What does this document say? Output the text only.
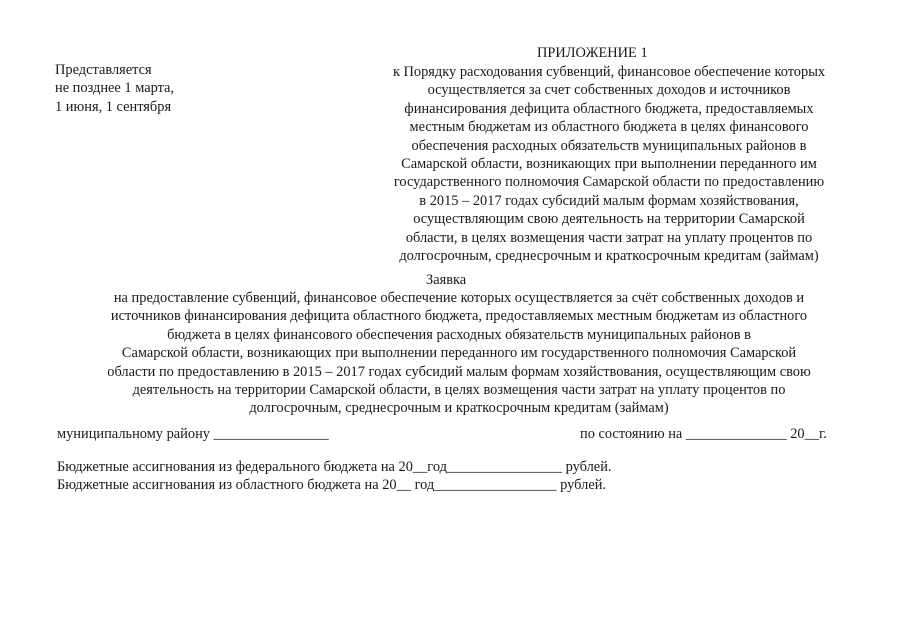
Представляется
не позднее 1 марта,
1 июня, 1 сентября
ПРИЛОЖЕНИЕ 1
к Порядку расходования субвенций, финансовое обеспечение которых
осуществляется за счет собственных доходов и источников
финансирования дефицита областного бюджета, предоставляемых
местным бюджетам из областного бюджета в целях финансового
обеспечения расходных обязательств муниципальных районов в
Самарской области, возникающих при выполнении переданного им
государственного полномочия Самарской области по предоставлению
в 2015 – 2017 годах субсидий малым формам хозяйствования,
осуществляющим свою деятельность на территории Самарской
области, в целях возмещения части затрат на уплату процентов по
долгосрочным, среднесрочным и краткосрочным кредитам (займам)
Заявка
на предоставление субвенций, финансовое обеспечение которых осуществляется за счёт собственных доходов и
источников финансирования дефицита областного бюджета, предоставляемых местным бюджетам из областного
бюджета в целях финансового обеспечения расходных обязательств муниципальных районов в
Самарской области, возникающих при выполнении переданного им государственного полномочия Самарской
области по предоставлению в 2015 – 2017 годах субсидий малым формам хозяйствования, осуществляющим свою
деятельность на территории Самарской области, в целях возмещения части затрат на уплату процентов по
долгосрочным, среднесрочным и краткосрочным кредитам (займам)
муниципальному району ________________	по состоянию на ______________ 20__г.
Бюджетные ассигнования из федерального бюджета на 20__год________________ рублей.
Бюджетные ассигнования из областного бюджета на 20__ год_________________ рублей.
